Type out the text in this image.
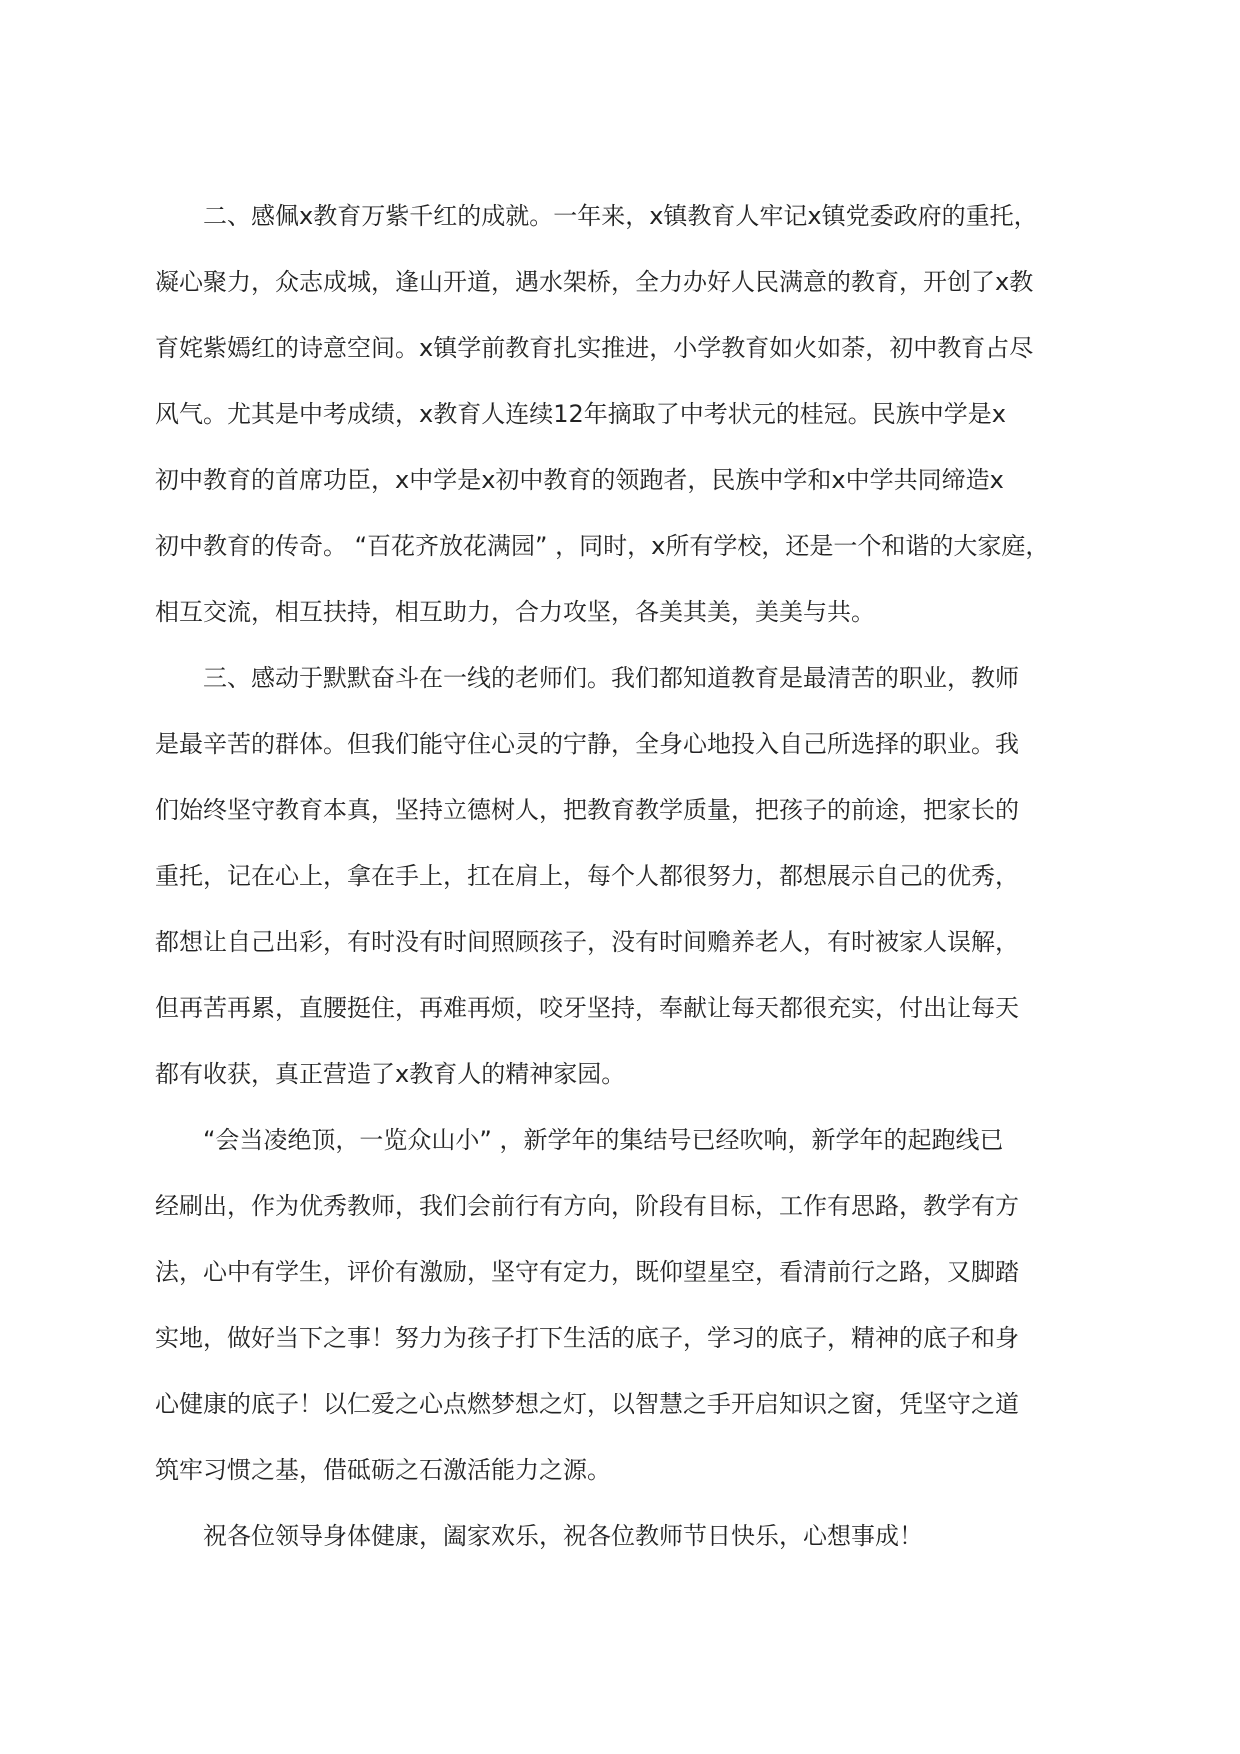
二、感佩x教育万紫千红的成就。一年来，x镇教育人牢记x镇党委政府的重托，
凝心聚力，众志成城，逢山开道，遇水架桥，全力办好人民满意的教育，开创了x教
育姹紫嫣红的诗意空间。x镇学前教育扎实推进，小学教育如火如荼，初中教育占尽
风气。尤其是中考成绩，x教育人连续12年摘取了中考状元的桂冠。民族中学是x
初中教育的首席功臣，x中学是x初中教育的领跑者，民族中学和x中学共同缔造x
初中教育的传奇。 “百花齐放花满园” ，同时，x所有学校，还是一个和谐的大家庭，
相互交流，相互扶持，相互助力，合力攻坚，各美其美，美美与共。

三、感动于默默奋斗在一线的老师们。我们都知道教育是最清苦的职业，教师
是最辛苦的群体。但我们能守住心灵的宁静，全身心地投入自己所选择的职业。我
们始终坚守教育本真，坚持立德树人，把教育教学质量，把孩子的前途，把家长的
重托，记在心上，拿在手上，扛在肩上，每个人都很努力，都想展示自己的优秀，
都想让自己出彩，有时没有时间照顾孩子，没有时间赡养老人，有时被家人误解，
但再苦再累，直腰挺住，再难再烦，咬牙坚持，奉献让每天都很充实，付出让每天
都有收获，真正营造了x教育人的精神家园。

“会当凌绝顶，一览众山小” ，新学年的集结号已经吹响，新学年的起跑线已
经刷出，作为优秀教师，我们会前行有方向，阶段有目标，工作有思路，教学有方
法，心中有学生，评价有激励，坚守有定力，既仰望星空，看清前行之路，又脚踏
实地，做好当下之事！努力为孩子打下生活的底子，学习的底子，精神的底子和身
心健康的底子！以仁爱之心点燃梦想之灯，以智慧之手开启知识之窗，凭坚守之道
筑牢习惯之基，借砥砺之石激活能力之源。

祝各位领导身体健康，阖家欢乐，祝各位教师节日快乐，心想事成！
